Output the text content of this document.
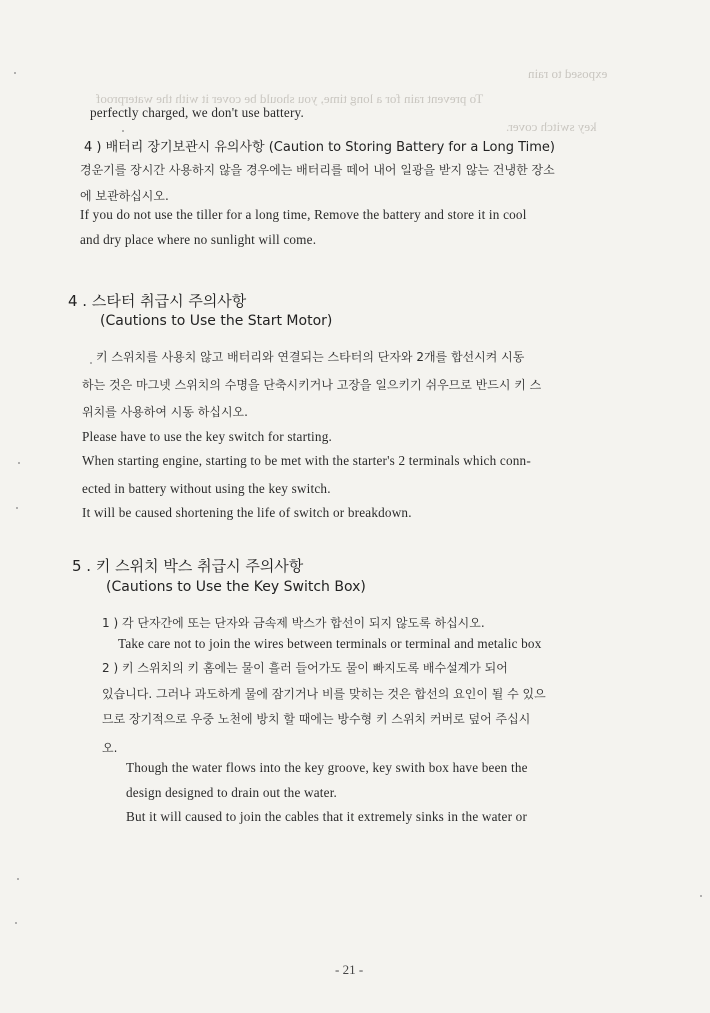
exposed to rain
To prevent rain for a long time, you should be cover it with the waterproof
key switch cover.
perfectly charged, we don't use battery.
4 ) 배터리 장기보관시 유의사항 (Caution to Storing Battery for a Long Time)
경운기를 장시간 사용하지 않을 경우에는 배터리를 떼어 내어 일광을 받지 않는 건냉한 장소
에 보관하십시오.
If you do not use the tiller for a long time, Remove the battery and store it in cool
and dry place where no sunlight will come.
4 . 스타터 취급시 주의사항
(Cautions to Use the Start Motor)
키 스위치를 사용치 않고 배터리와 연결되는 스타터의 단자와 2개를 합선시켜 시동
하는 것은 마그넷 스위치의 수명을 단축시키거나 고장을 일으키기 쉬우므로 반드시 키 스
위치를 사용하여 시동 하십시오.
Please have to use the key switch for starting.
When starting engine, starting to be met with the starter's 2 terminals which conn-
ected in battery without using the key switch.
It will be caused shortening the life of switch or breakdown.
5 . 키 스위치 박스 취급시 주의사항
(Cautions to Use the Key Switch Box)
1 ) 각 단자간에 또는 단자와 금속제 박스가 합선이 되지 않도록 하십시오.
Take care not to join the wires between terminals or terminal and metalic box
2 ) 키 스위치의 키 홈에는 물이 흘러 들어가도 물이 빠지도록 배수설계가 되어
있습니다. 그러나 과도하게 물에 잠기거나 비를 맞히는 것은 합선의 요인이 될 수 있으
므로 장기적으로 우중 노천에 방치 할 때에는 방수형 키 스위치 커버로 덮어 주십시
오.
Though the water flows into the key groove, key swith box have been the
design designed to drain out the water.
But it will caused to join the cables that it extremely sinks in the water or
- 21 -
